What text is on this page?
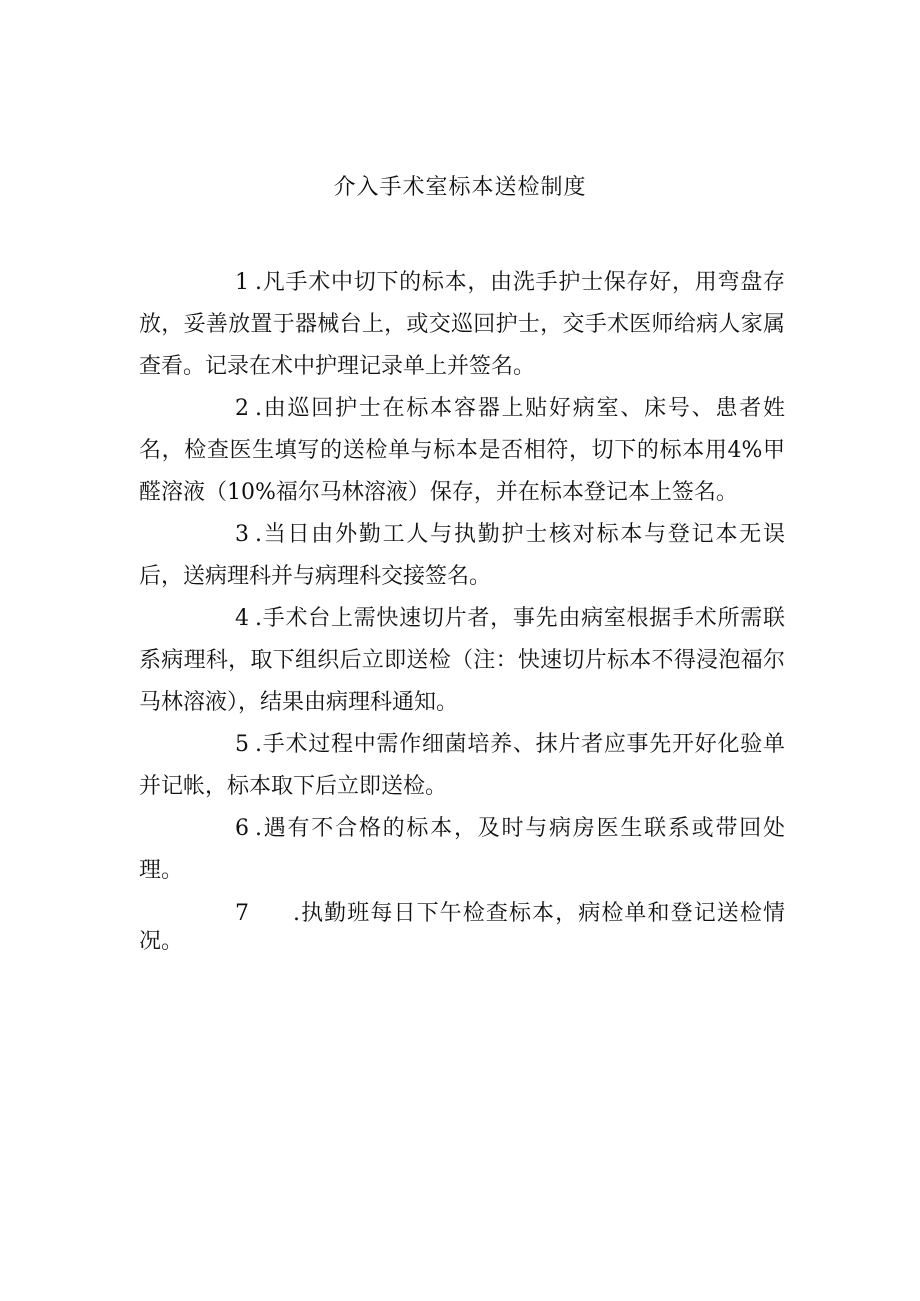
介入手术室标本送检制度

1 .凡手术中切下的标本，由洗手护士保存好，用弯盘存放，妥善放置于器械台上，或交巡回护士，交手术医师给病人家属查看。记录在术中护理记录单上并签名。

2 .由巡回护士在标本容器上贴好病室、床号、患者姓名，检查医生填写的送检单与标本是否相符，切下的标本用4%甲醛溶液（10%福尔马林溶液）保存，并在标本登记本上签名。

3 .当日由外勤工人与执勤护士核对标本与登记本无误后，送病理科并与病理科交接签名。

4 .手术台上需快速切片者，事先由病室根据手术所需联系病理科，取下组织后立即送检（注：快速切片标本不得浸泡福尔马林溶液），结果由病理科通知。

5 .手术过程中需作细菌培养、抹片者应事先开好化验单并记帐，标本取下后立即送检。

6 .遇有不合格的标本，及时与病房医生联系或带回处理。

7 .执勤班每日下午检查标本，病检单和登记送检情况。
